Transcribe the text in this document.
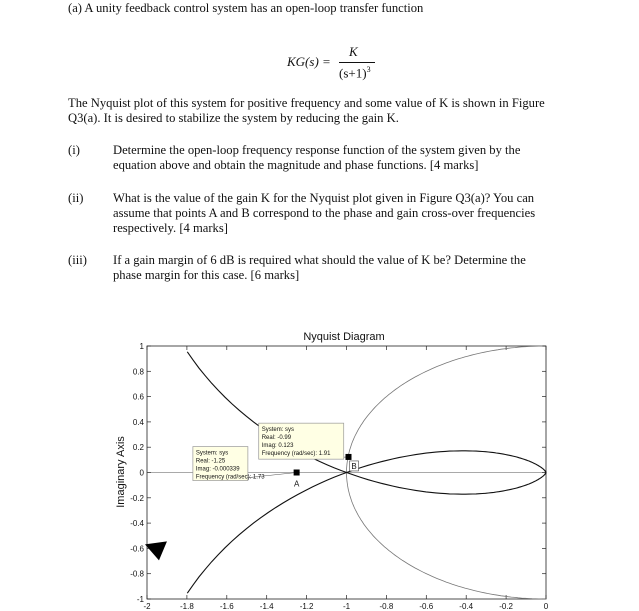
(a) A unity feedback control system has an open-loop transfer function
KG(s) =
K
$(s+1)^3$
The Nyquist plot of this system for positive frequency and some value of K is shown in Figure
Q3(a). It is desired to stabilize the system by reducing the gain K.
(i)	Determine the open-loop frequency response function of the system given by the
equation above and obtain the magnitude and phase functions. [4 marks]
(ii) What is the value of the gain K for the Nyquist plot given in Figure Q3(a)? You can
assume that points A and B correspond to the phase and gain cross-over frequencies
respectively. [4 marks]
(iii) If a gain margin of 6 dB is required what should the value of K be? Determine the
phase margin for this case. [6 marks]
Nyquist Diagram
Imaginary Axis
-2	-1.8	-1.6	-1.4	-1.2	-1	-0.8	-0.6	-0.4	-0.2	0
-1
-0.8
-0.6
-0.4
-0.2
0
0.2
0.4
0.6
0.8
1
System: sys
Real: -1.25
Imag: -0.000339
Frequency (rad/sec): 1.73
System: sys
Real: -0.99
Imag: 0.123
Frequency (rad/sec): 1.91
A
B
